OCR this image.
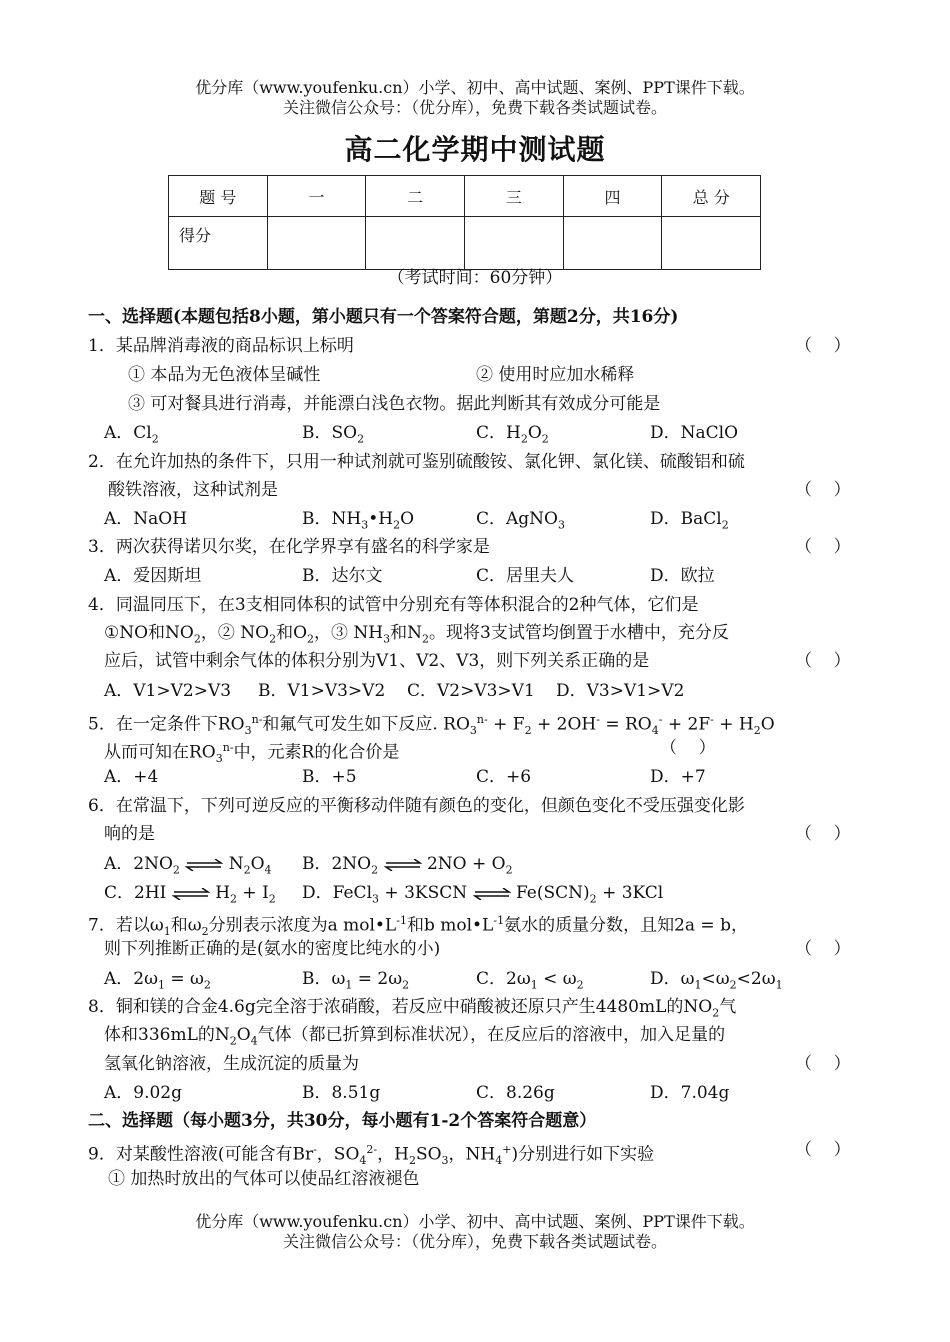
优分库（www.youfenku.cn）小学、初中、高中试题、案例、PPT课件下载。
关注微信公众号：（优分库），免费下载各类试题试卷。
高二化学期中测试题
题 号	一	二	三	四	总 分
得分					
（考试时间：60分钟）
一、选择题(本题包括8小题，第小题只有一个答案符合题，第题2分，共16分)
1．某品牌消毒液的商品标识上标明	（    ）
① 本品为无色液体呈碱性	② 使用时应加水稀释
③ 可对餐具进行消毒，并能漂白浅色衣物。据此判断其有效成分可能是
A．$Cl_2$	B．$SO_2$	C．$H_2O_2$	D．NaClO
2．在允许加热的条件下，只用一种试剂就可鉴别硫酸铵、氯化钾、氯化镁、硫酸铝和硫
酸铁溶液，这种试剂是	（    ）
A．NaOH	B．$NH_3•H_2O$	C．AgNO$_3$	D．BaCl$_2$
3．两次获得诺贝尔奖，在化学界享有盛名的科学家是	（    ）
A．爱因斯坦	B．达尔文	C．居里夫人	D．欧拉
4．同温同压下，在3支相同体积的试管中分别充有等体积混合的2种气体，它们是
①NO和$NO_2$，② $NO_2$和$O_2$，③ $NH_3$和$N_2$。现将3支试管均倒置于水槽中，充分反
应后，试管中剩余气体的体积分别为V1、V2、V3，则下列关系正确的是	（    ）
A．V1>V2>V3 B．V1>V3>V2 C．V2>V3>V1 D．V3>V1>V2
5．在一定条件下$RO_3^{n-}$和氟气可发生如下反应. $RO_3^{n-} + F_2 + 2OH^- = RO_4^- + 2F^- + H_2O$
从而可知在$RO_3^{n-}$中，元素R的化合价是	（    ）
A．+4	B．+5	C．+6	D．+7
6．在常温下，下列可逆反应的平衡移动伴随有颜色的变化，但颜色变化不受压强变化影
响的是	（    ）
A．$2NO_2$ ⇌ $N_2O_4$ B．$2NO_2$ ⇌ $2NO + O_2$
C．2HI ⇌ $H_2 + I_2$ D．FeCl$_3$ + 3KSCN ⇌ $Fe(SCN)_2 + 3KCl$
7．若以$\omega_1$和$\omega_2$分别表示浓度为a $mol•L^{-1}$和b $mol•L^{-1}$氨水的质量分数，且知2a = b，
则下列推断正确的是(氨水的密度比纯水的小)	（    ）
A．$2\omega_1 = \omega_2$	B．$\omega_1 = 2\omega_2$	C．$2\omega_1 < \omega_2$	D．$\omega_1<\omega_2<2\omega_1$
8．铜和镁的合金4.6g完全溶于浓硝酸，若反应中硝酸被还原只产生4480mL的$NO_2$气
体和336mL的$N_2O_4$气体（都已折算到标准状况），在反应后的溶液中，加入足量的
氢氧化钠溶液，生成沉淀的质量为	（    ）
A．9.02g	B．8.51g	C．8.26g	D．7.04g
二、选择题（每小题3分，共30分，每小题有1-2个答案符合题意）
9．对某酸性溶液(可能含有Br-，$SO_4^{2-}$，$H_2SO_3$，$NH_4^+$)分别进行如下实验	（    ）
① 加热时放出的气体可以使品红溶液褪色
优分库（www.youfenku.cn）小学、初中、高中试题、案例、PPT课件下载。
关注微信公众号：（优分库），免费下载各类试题试卷。
